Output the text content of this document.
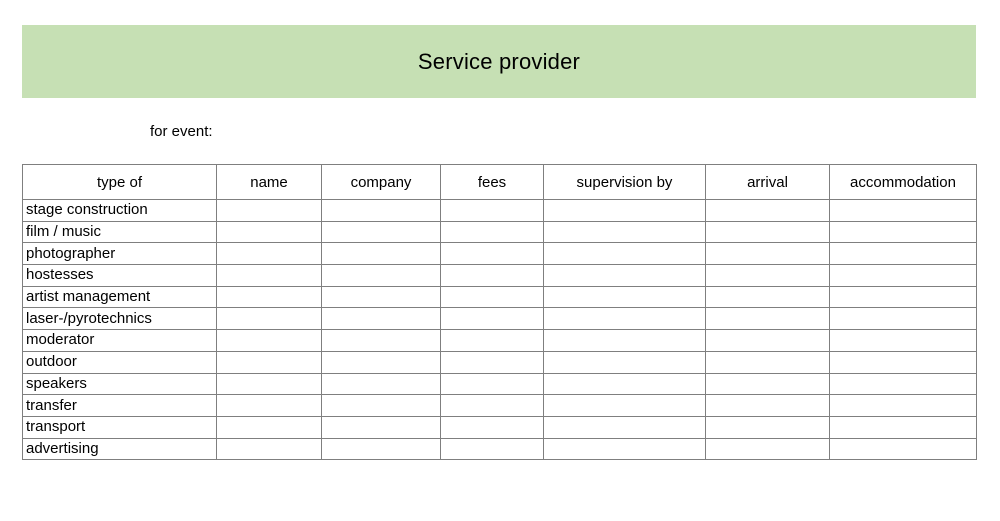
Service provider
for event:
type of	name	company	fees	supervision by	arrival	accommodation
stage construction						
film / music						
photographer						
hostesses						
artist management						
laser-/pyrotechnics						
moderator						
outdoor						
speakers						
transfer						
transport						
advertising						
